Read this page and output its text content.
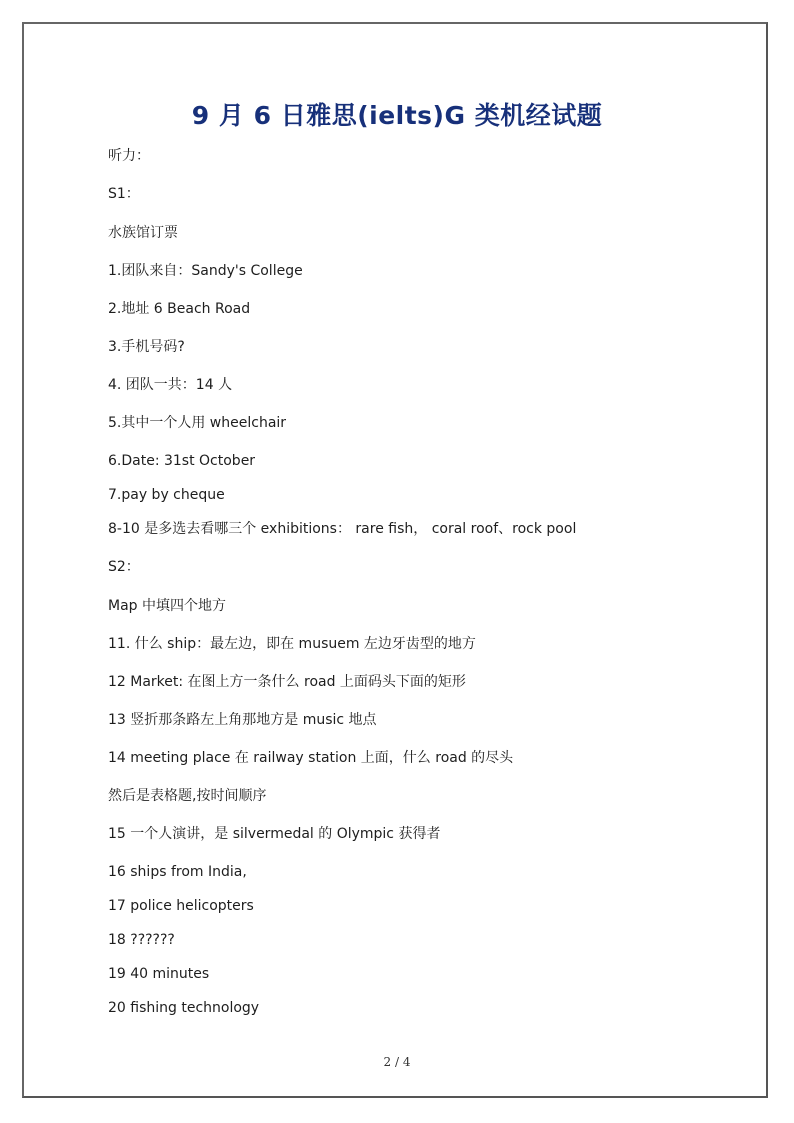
9 月 6 日雅思(ielts)G 类机经试题
听力：
S1：
水族馆订票
1.团队来自：Sandy's College
2.地址 6 Beach Road
3.手机号码?
4. 团队一共：14 人
5.其中一个人用 wheelchair
6.Date: 31st October
7.pay by cheque
8-10 是多选去看哪三个 exhibitions： rare fish， coral roof、rock pool
S2：
Map 中填四个地方
11. 什么 ship：最左边，即在 musuem 左边牙齿型的地方
12 Market: 在图上方一条什么 road 上面码头下面的矩形
13 竖折那条路左上角那地方是 music 地点
14 meeting place 在 railway station 上面，什么 road 的尽头
然后是表格题,按时间顺序
15 一个人演讲，是 silvermedal 的 Olympic 获得者
16 ships from India,
17 police helicopters
18 ??????
19 40 minutes
20 fishing technology
2 / 4
